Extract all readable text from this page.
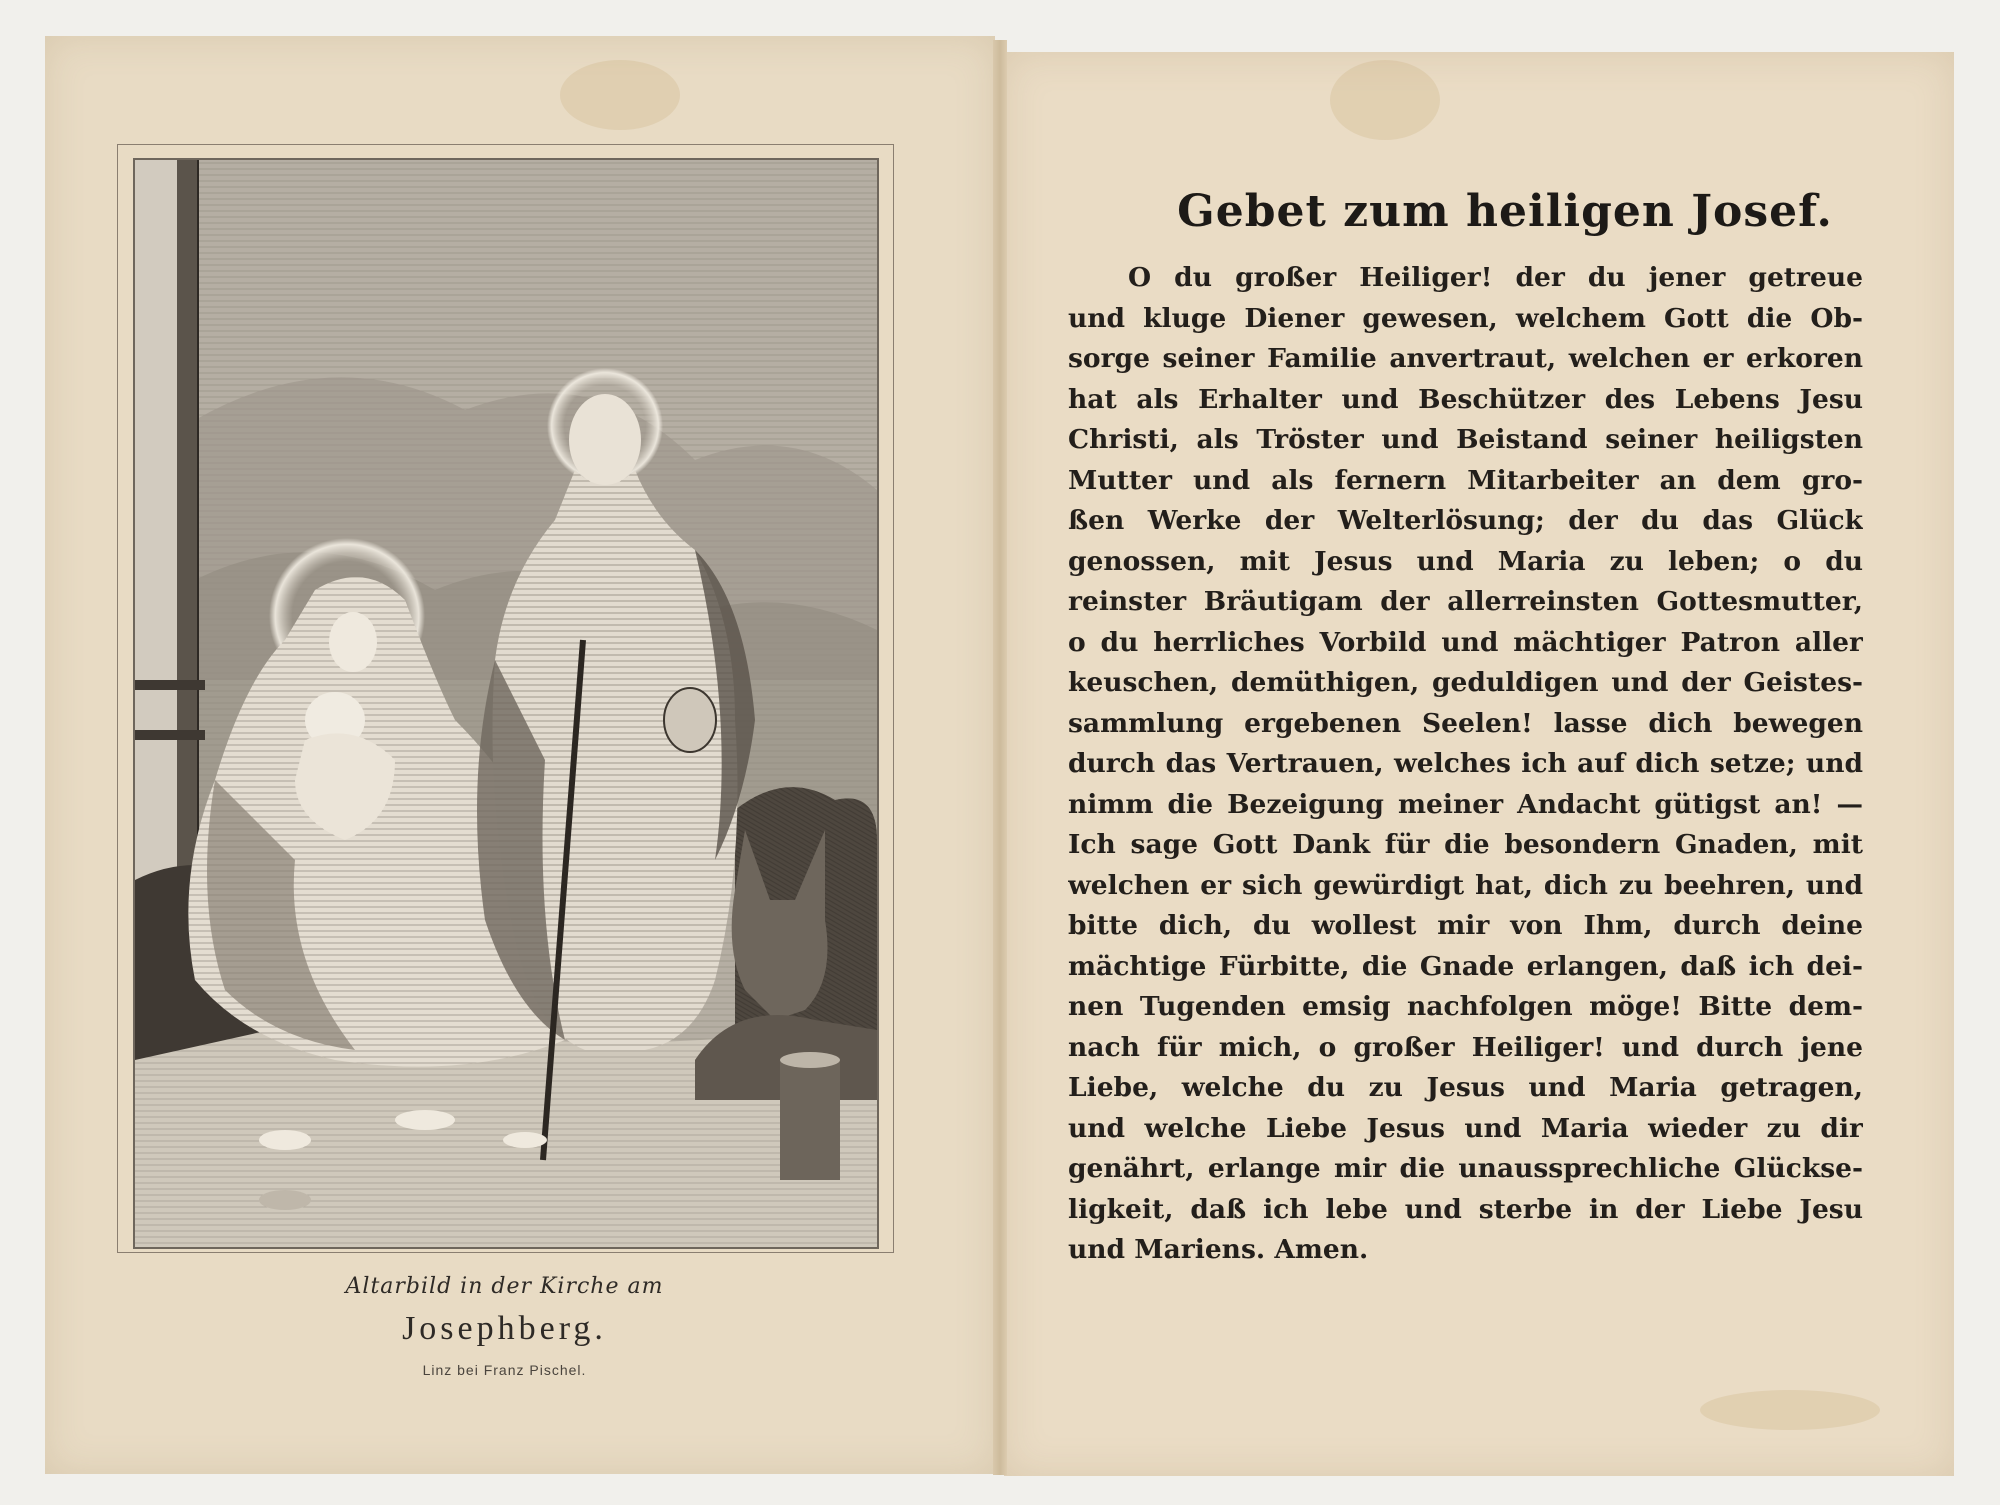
Altarbild in der Kirche am
Josephberg.
Linz bei Franz Pischel.
Gebet zum heiligen Josef.
O du großer Heiliger! der du jener getreue
und kluge Diener gewesen, welchem Gott die Ob-
sorge seiner Familie anvertraut, welchen er erkoren
hat als Erhalter und Beschützer des Lebens Jesu
Christi, als Tröster und Beistand seiner heiligsten
Mutter und als fernern Mitarbeiter an dem gro-
ßen Werke der Welterlösung; der du das Glück
genossen, mit Jesus und Maria zu leben; o du
reinster Bräutigam der allerreinsten Gottesmutter,
o du herrliches Vorbild und mächtiger Patron aller
keuschen, demüthigen, geduldigen und der Geistes-
sammlung ergebenen Seelen! lasse dich bewegen
durch das Vertrauen, welches ich auf dich setze; und
nimm die Bezeigung meiner Andacht gütigst an! —
Ich sage Gott Dank für die besondern Gnaden, mit
welchen er sich gewürdigt hat, dich zu beehren, und
bitte dich, du wollest mir von Ihm, durch deine
mächtige Fürbitte, die Gnade erlangen, daß ich dei-
nen Tugenden emsig nachfolgen möge! Bitte dem-
nach für mich, o großer Heiliger! und durch jene
Liebe, welche du zu Jesus und Maria getragen,
und welche Liebe Jesus und Maria wieder zu dir
genährt, erlange mir die unaussprechliche Glückse-
ligkeit, daß ich lebe und sterbe in der Liebe Jesu
und Mariens. Amen.
